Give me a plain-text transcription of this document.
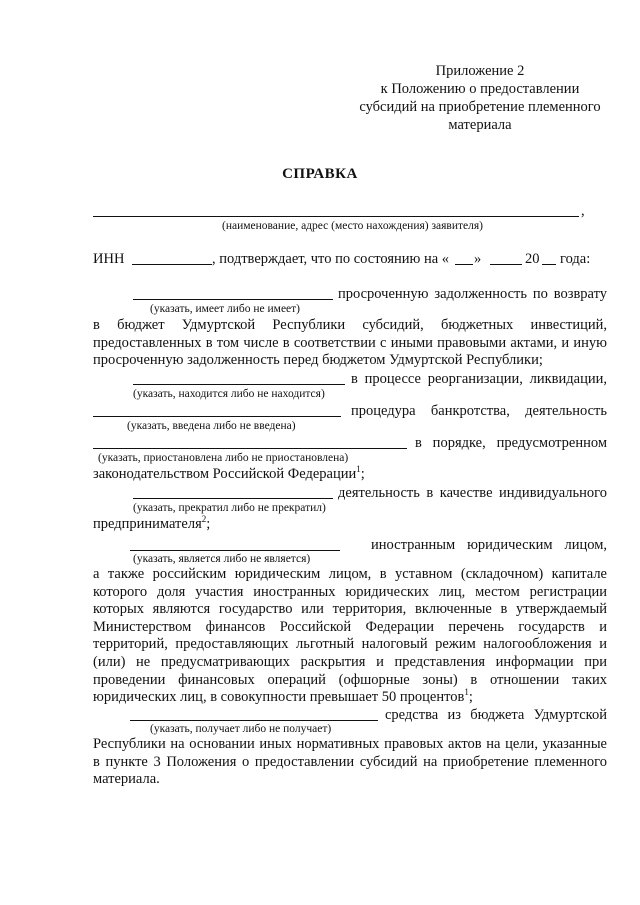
Приложение 2
к Положению о предоставлении
субсидий на приобретение племенного
материала
СПРАВКА
,
(наименование, адрес (место нахождения) заявителя)
ИНН	, подтверждает, что по состоянию на « »	20 года:
просроченную задолженность по возврату
(указать, имеет либо не имеет)
в бюджет Удмуртской Республики субсидий, бюджетных инвестиций, предоставленных в том числе в соответствии с иными правовыми актами, и иную просроченную задолженность перед бюджетом Удмуртской Республики;
в процессе реорганизации, ликвидации,
(указать, находится либо не находится)
процедура банкротства, деятельность
(указать, введена либо не введена)
в порядке, предусмотренном
(указать, приостановлена либо не приостановлена)
законодательством Российской Федерации$^1$;
деятельность в качестве индивидуального
(указать, прекратил либо не прекратил)
предпринимателя$^2$;
иностранным юридическим лицом,
(указать, является либо не является)
а также российским юридическим лицом, в уставном (складочном) капитале которого доля участия иностранных юридических лиц, местом регистрации которых являются государство или территория, включенные в утверждаемый Министерством финансов Российской Федерации перечень государств и территорий, предоставляющих льготный налоговый режим налогообложения и (или) не предусматривающих раскрытия и представления информации при проведении финансовых операций (офшорные зоны) в отношении таких юридических лиц, в совокупности превышает 50 процентов$^1$;
средства из бюджета Удмуртской
(указать, получает либо не получает)
Республики на основании иных нормативных правовых актов на цели, указанные в пункте 3 Положения о предоставлении субсидий на приобретение племенного материала.
